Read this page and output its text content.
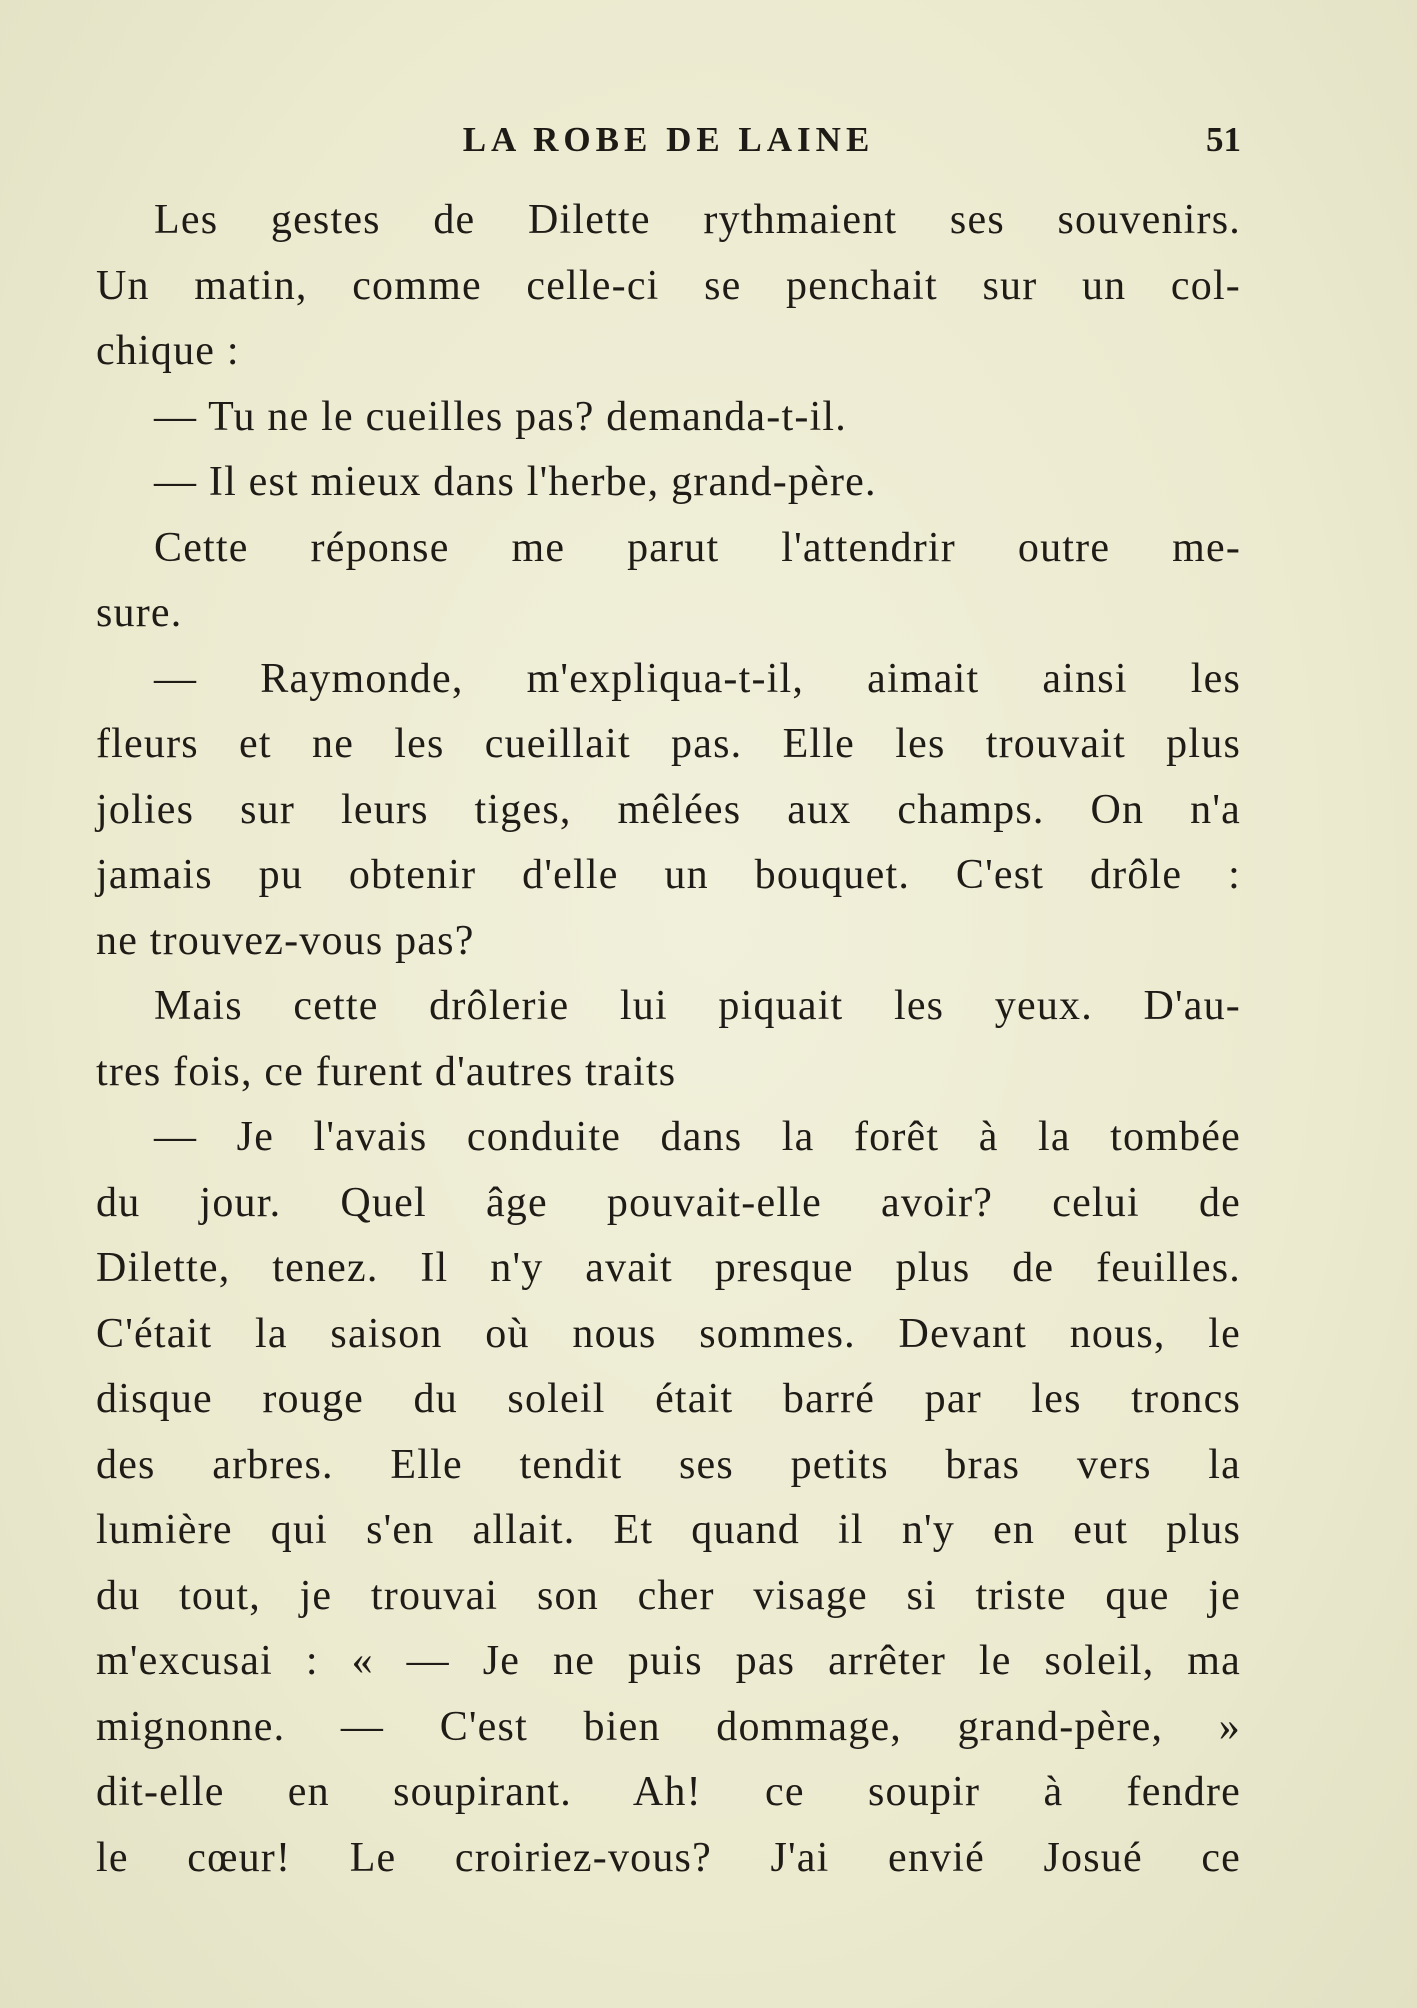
LA ROBE DE LAINE	51
Les gestes de Dilette rythmaient ses souvenirs.
Un matin, comme celle-ci se penchait sur un col-
chique :
— Tu ne le cueilles pas? demanda-t-il.
— Il est mieux dans l'herbe, grand-père.
Cette réponse me parut l'attendrir outre me-
sure.
— Raymonde, m'expliqua-t-il, aimait ainsi les
fleurs et ne les cueillait pas. Elle les trouvait plus
jolies sur leurs tiges, mêlées aux champs. On n'a
jamais pu obtenir d'elle un bouquet. C'est drôle :
ne trouvez-vous pas?
Mais cette drôlerie lui piquait les yeux. D'au-
tres fois, ce furent d'autres traits
— Je l'avais conduite dans la forêt à la tombée
du jour. Quel âge pouvait-elle avoir? celui de
Dilette, tenez. Il n'y avait presque plus de feuilles.
C'était la saison où nous sommes. Devant nous, le
disque rouge du soleil était barré par les troncs
des arbres. Elle tendit ses petits bras vers la
lumière qui s'en allait. Et quand il n'y en eut plus
du tout, je trouvai son cher visage si triste que je
m'excusai : « — Je ne puis pas arrêter le soleil, ma
mignonne. — C'est bien dommage, grand-père, »
dit-elle en soupirant. Ah! ce soupir à fendre
le cœur! Le croiriez-vous? J'ai envié Josué ce
